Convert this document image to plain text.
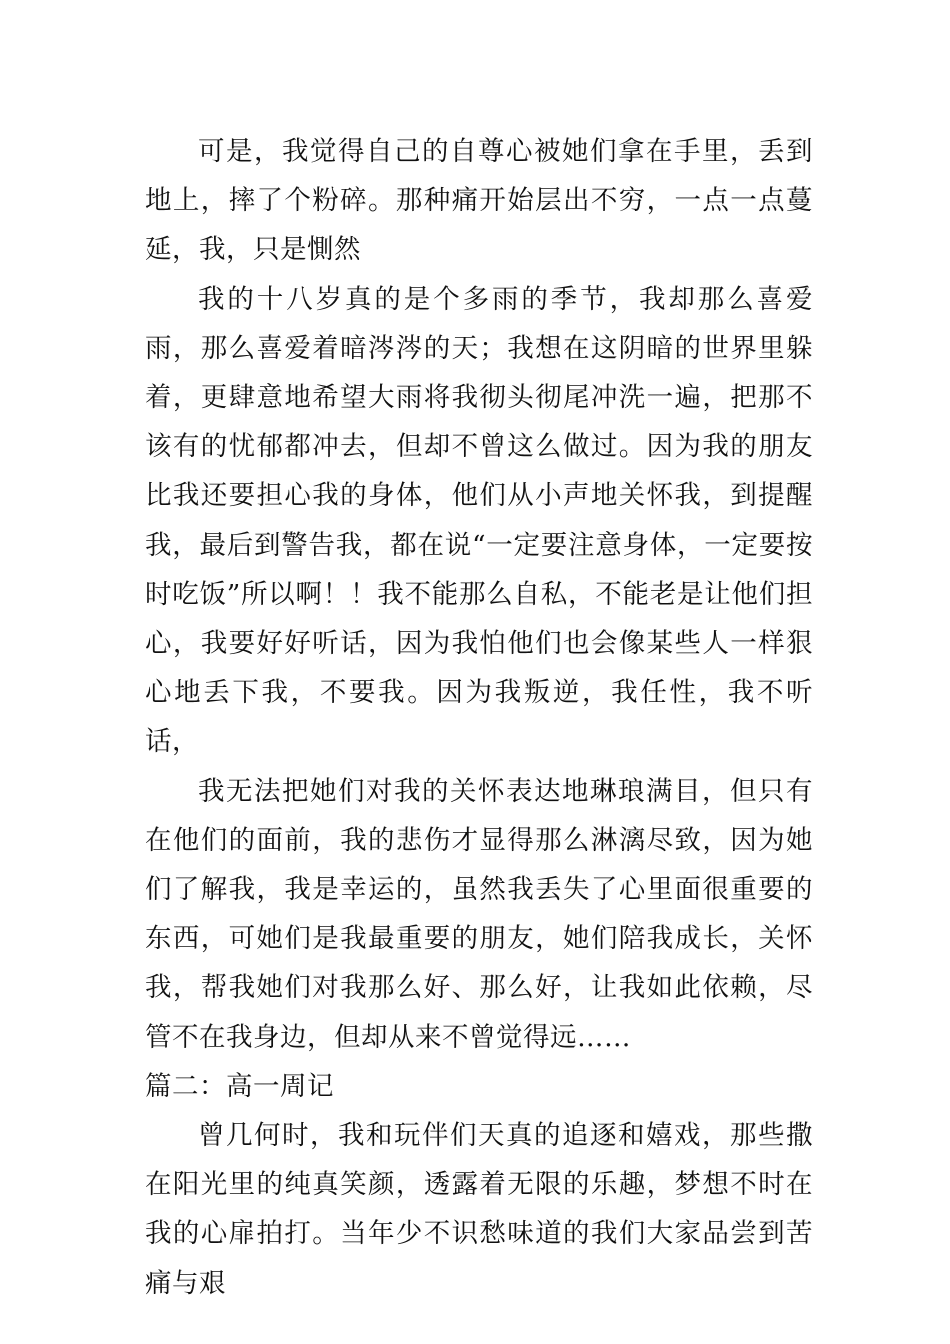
可是，我觉得自己的自尊心被她们拿在手里，丢到地上，摔了个粉碎。那种痛开始层出不穷，一点一点蔓延，我，只是惻然

我的十八岁真的是个多雨的季节，我却那么喜爱雨，那么喜爱着暗涔涔的天；我想在这阴暗的世界里躲着，更肆意地希望大雨将我彻头彻尾冲洗一遍，把那不该有的忧郁都冲去，但却不曾这么做过。因为我的朋友比我还要担心我的身体，他们从小声地关怀我，到提醒我，最后到警告我，都在说“一定要注意身体，一定要按时吃饭”所以啊！！我不能那么自私，不能老是让他们担心，我要好好听话，因为我怕他们也会像某些人一样狠心地丢下我，不要我。因为我叛逆，我任性，我不听话，

我无法把她们对我的关怀表达地琳琅满目，但只有在他们的面前，我的悲伤才显得那么淋漓尽致，因为她们了解我，我是幸运的，虽然我丢失了心里面很重要的东西，可她们是我最重要的朋友，她们陪我成长，关怀我，帮我她们对我那么好、那么好，让我如此依赖，尽管不在我身边，但却从来不曾觉得远……

篇二：高一周记

曾几何时，我和玩伴们天真的追逐和嬉戏，那些撒在阳光里的纯真笑颜，透露着无限的乐趣，梦想不时在我的心扉拍打。当年少不识愁味道的我们大家品尝到苦痛与艰
